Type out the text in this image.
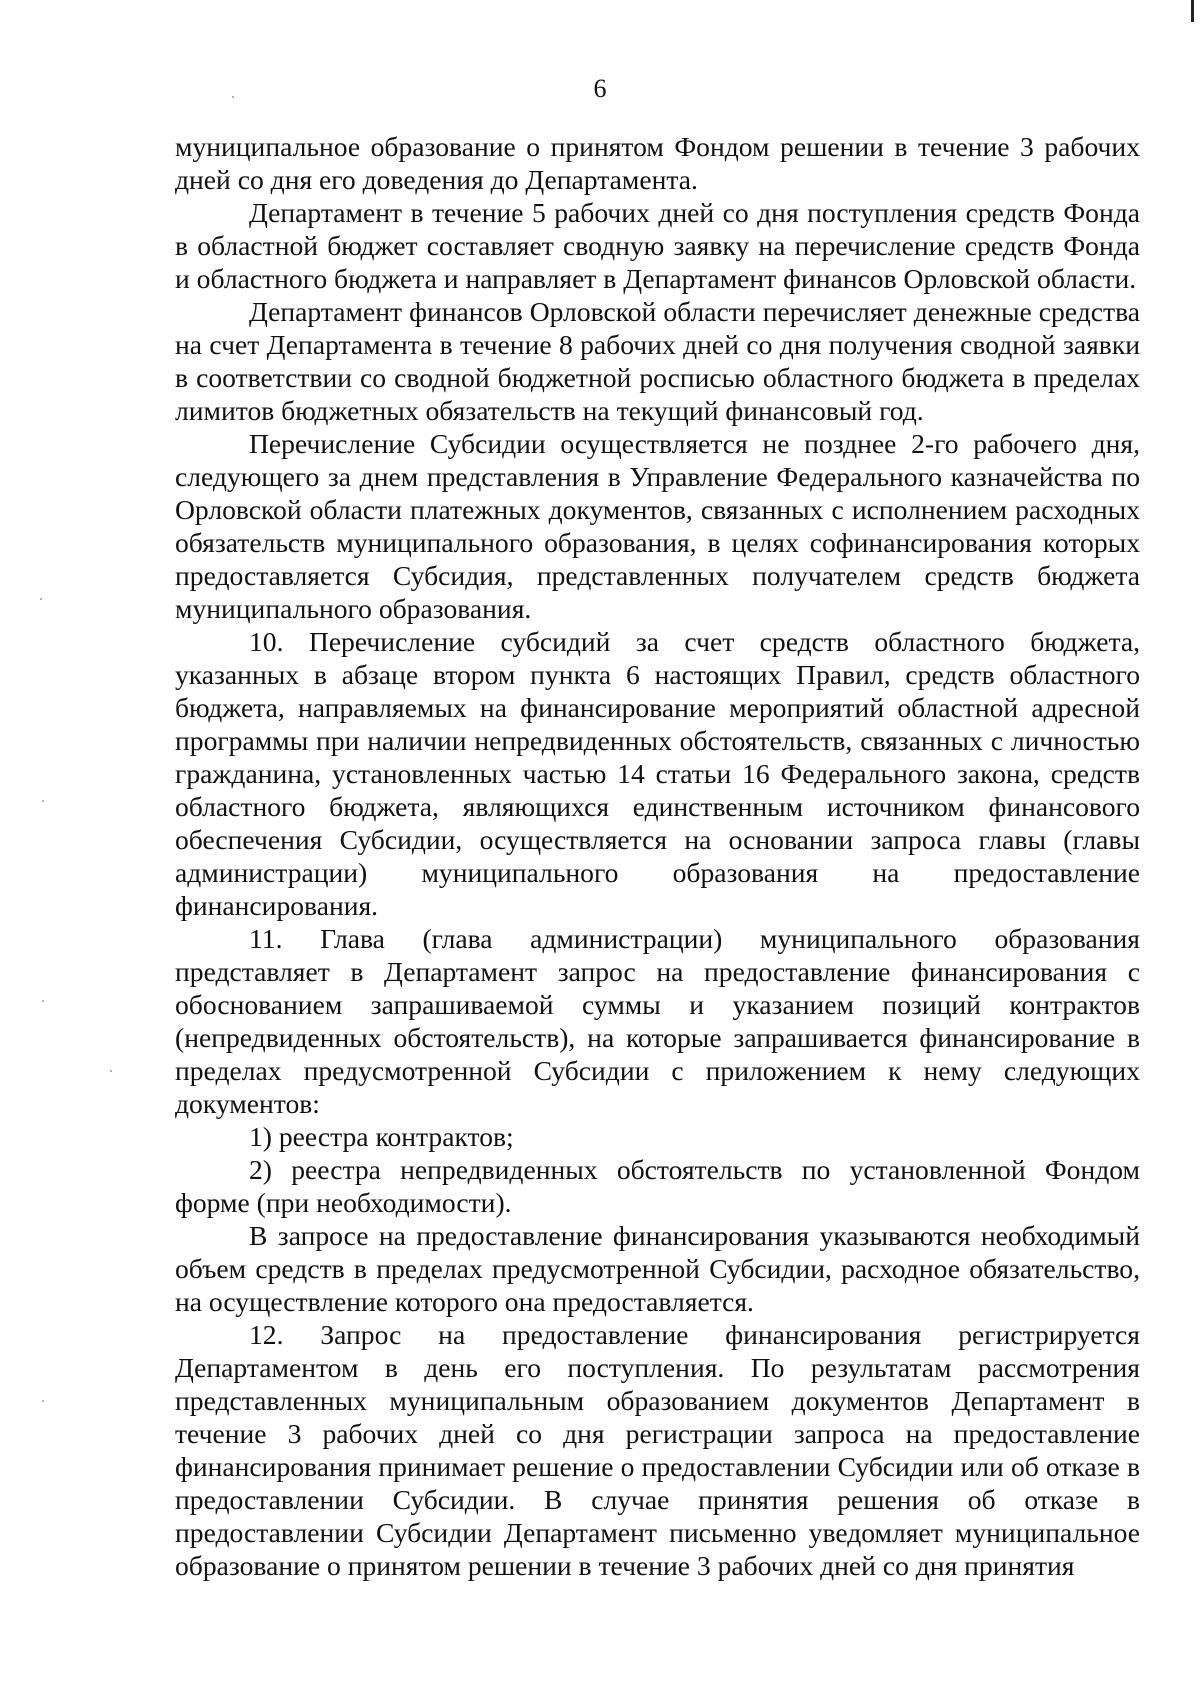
6

муниципальное образование о принятом Фондом решении в течение 3 рабочих дней со дня его доведения до Департамента.

Департамент в течение 5 рабочих дней со дня поступления средств Фонда в областной бюджет составляет сводную заявку на перечисление средств Фонда и областного бюджета и направляет в Департамент финансов Орловской области.

Департамент финансов Орловской области перечисляет денежные средства на счет Департамента в течение 8 рабочих дней со дня получения сводной заявки в соответствии со сводной бюджетной росписью областного бюджета в пределах лимитов бюджетных обязательств на текущий финансовый год.

Перечисление Субсидии осуществляется не позднее 2-го рабочего дня, следующего за днем представления в Управление Федерального казначейства по Орловской области платежных документов, связанных с исполнением расходных обязательств муниципального образования, в целях софинансирования которых предоставляется Субсидия, представленных получателем средств бюджета муниципального образования.

10. Перечисление субсидий за счет средств областного бюджета, указанных в абзаце втором пункта 6 настоящих Правил, средств областного бюджета, направляемых на финансирование мероприятий областной адресной программы при наличии непредвиденных обстоятельств, связанных с личностью гражданина, установленных частью 14 статьи 16 Федерального закона, средств областного бюджета, являющихся единственным источником финансового обеспечения Субсидии, осуществляется на основании запроса главы (главы администрации) муниципального образования на предоставление финансирования.

11. Глава (глава администрации) муниципального образования представляет в Департамент запрос на предоставление финансирования с обоснованием запрашиваемой суммы и указанием позиций контрактов (непредвиденных обстоятельств), на которые запрашивается финансирование в пределах предусмотренной Субсидии с приложением к нему следующих документов:

1) реестра контрактов;

2) реестра непредвиденных обстоятельств по установленной Фондом форме (при необходимости).

В запросе на предоставление финансирования указываются необходимый объем средств в пределах предусмотренной Субсидии, расходное обязательство, на осуществление которого она предоставляется.

12. Запрос на предоставление финансирования регистрируется Департаментом в день его поступления. По результатам рассмотрения представленных муниципальным образованием документов Департамент в течение 3 рабочих дней со дня регистрации запроса на предоставление финансирования принимает решение о предоставлении Субсидии или об отказе в предоставлении Субсидии. В случае принятия решения об отказе в предоставлении Субсидии Департамент письменно уведомляет муниципальное образование о принятом решении в течение 3 рабочих дней со дня принятия
